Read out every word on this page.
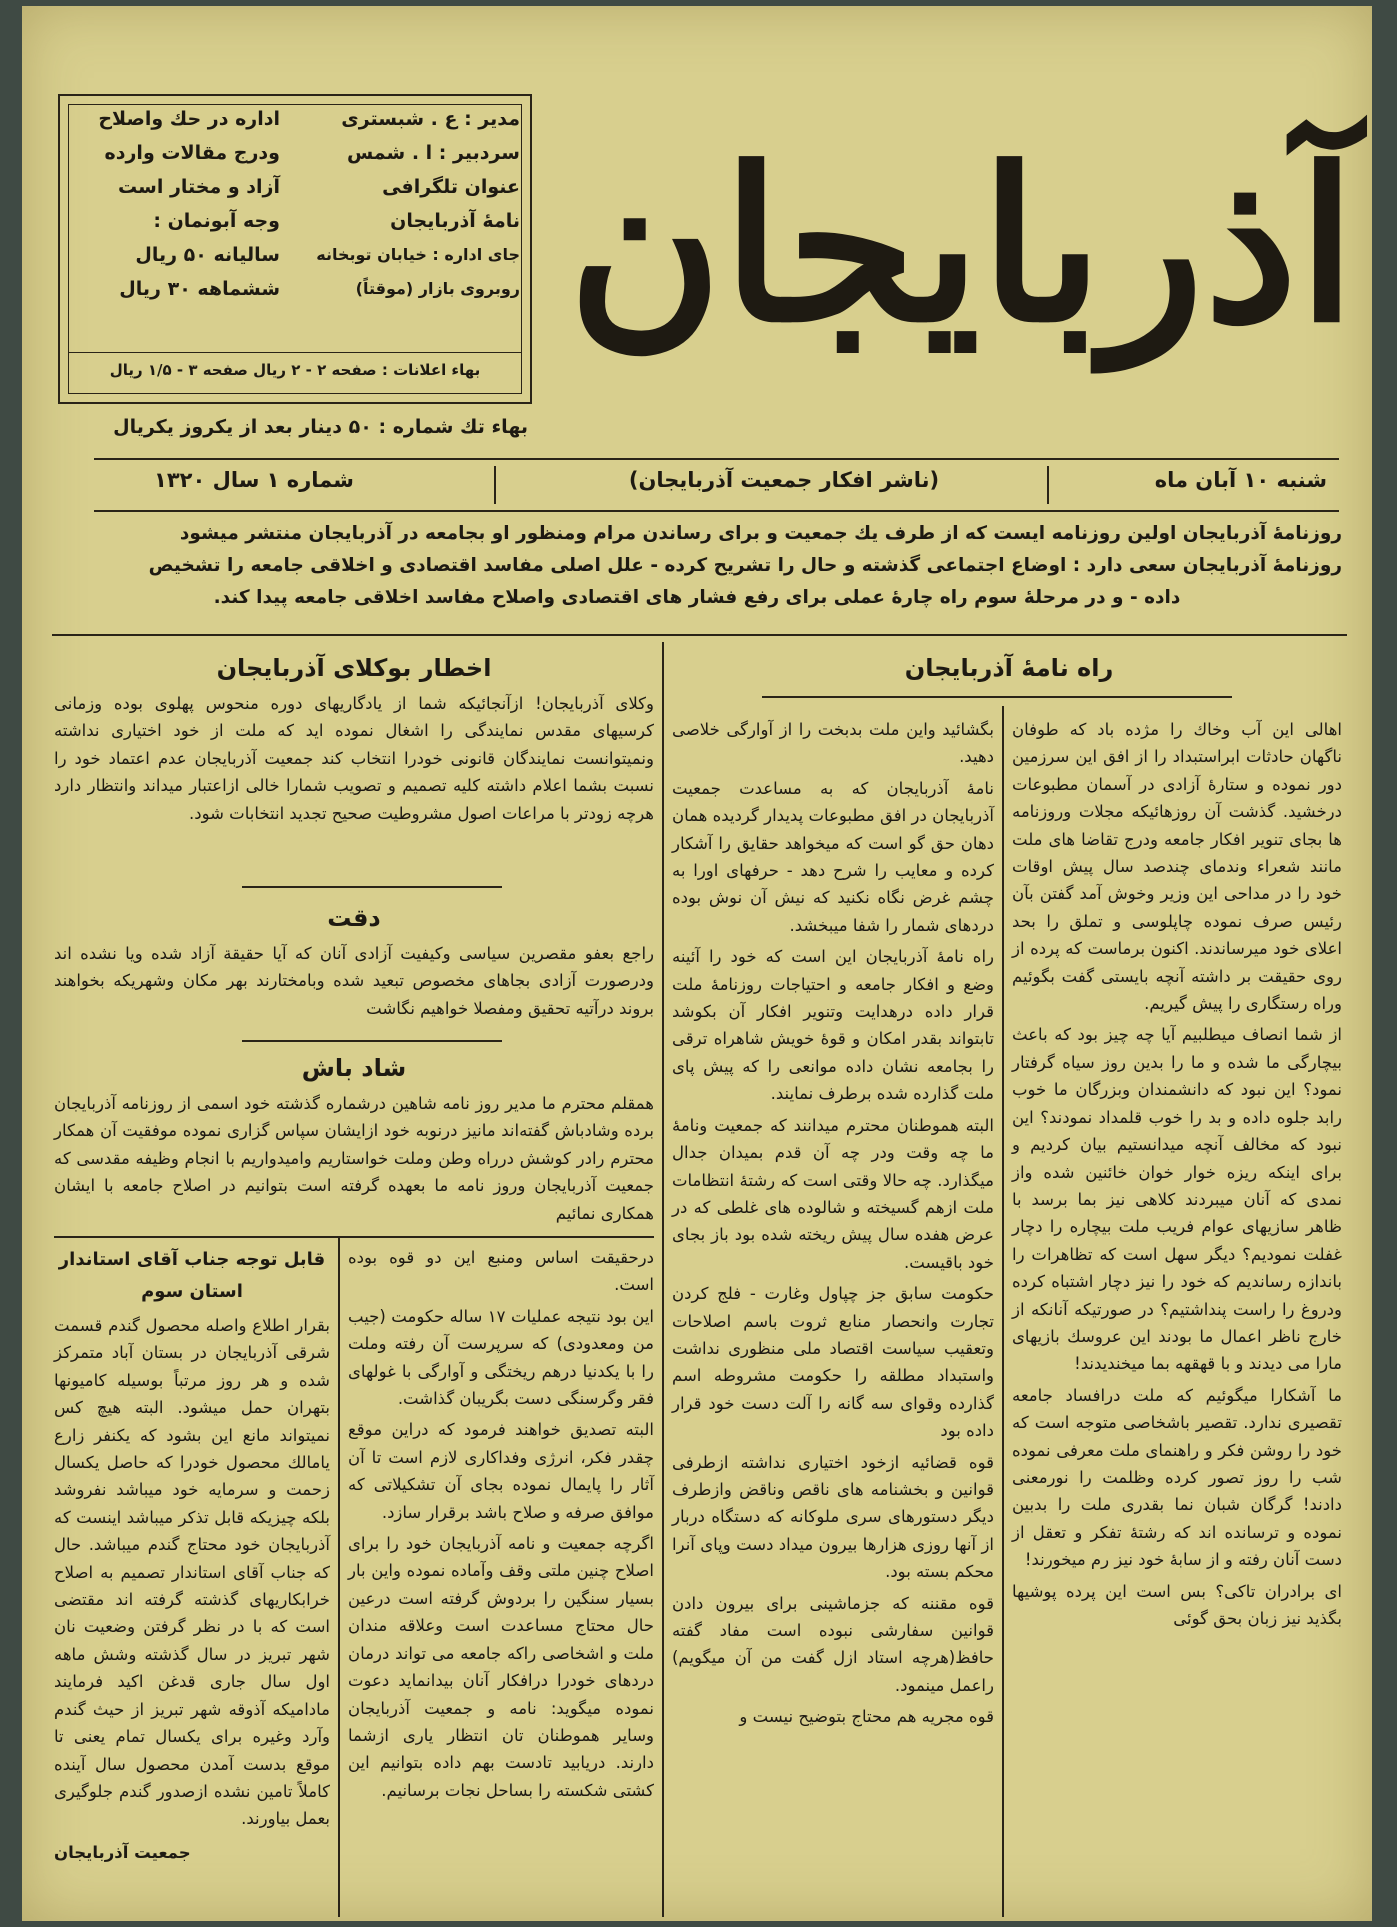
مدیر : ع . شبستری
سردبیر : ا . شمس
عنوان تلگرافی
نامهٔ آذربایجان
جای اداره : خیابان توبخانه
روبروی بازار (موقتاً)
اداره در حك واصلاح
ودرج مقالات وارده
آزاد و مختار است
وجه آبونمان :
سالیانه ۵۰ ریال
ششماهه ۳۰ ریال
بهاء اعلانات : صفحه ۲ - ۲ ریال صفحه ۳ - ۱/۵ ریال
بهاء تك شماره : ۵۰ دینار بعد از یکروز یکریال
آذربایجان
شنبه ۱۰ آبان ماه
(ناشر افکار جمعیت آذربایجان)
شماره ۱ سال ۱۳۲۰
روزنامهٔ آذربایجان اولین روزنامه ایست که از طرف یك جمعیت و برای رساندن مرام ومنظور او بجامعه در آذربایجان منتشر میشود
روزنامهٔ آذربایجان سعی دارد : اوضاع اجتماعی گذشته و حال را تشریح کرده - علل اصلی مفاسد اقتصادی و اخلاقی جامعه را تشخیص
داده - و در مرحلهٔ سوم راه چارهٔ عملی برای رفع فشار های اقتصادی واصلاح مفاسد اخلاقی جامعه پیدا کند.
راه نامهٔ آذربایجان

اهالی این آب وخاك را مژده باد که طوفان ناگهان حادثات ابراستبداد را از افق این سرزمین دور نموده و ستارهٔ آزادی در آسمان مطبوعات درخشید. گذشت آن روزهائیکه مجلات وروزنامه ها بجای تنویر افکار جامعه ودرج تقاضا های ملت مانند شعراء وندمای چندصد سال پیش اوقات خود را در مداحی این وزیر وخوش آمد گفتن بآن رئیس صرف نموده چاپلوسی و تملق را بحد اعلای خود میرساندند. اکنون برماست که پرده از روی حقیقت بر داشته آنچه بایستی گفت بگوئیم وراه رستگاری را پیش گیریم.

از شما انصاف میطلبیم آیا چه چیز بود که باعث بیچارگی ما شده و ما را بدین روز سیاه گرفتار نمود؟ این نبود که دانشمندان وبزرگان ما خوب رابد جلوه داده و بد را خوب قلمداد نمودند؟ این نبود که مخالف آنچه میدانستیم بیان کردیم و برای اینکه ریزه خوار خوان خائنین شده واز نمدی که آنان میبردند کلاهی نیز بما برسد با ظاهر سازیهای عوام فریب ملت بیچاره را دچار غفلت نمودیم؟ دیگر سهل است که تظاهرات را باندازه رساندیم که خود را نیز دچار اشتباه کرده ودروغ را راست پنداشتیم؟ در صورتیکه آنانکه از خارج ناظر اعمال ما بودند این عروسك بازیهای مارا می دیدند و با قهقهه بما میخندیدند!

ما آشکارا میگوئیم که ملت درافساد جامعه تقصیری ندارد. تقصیر باشخاصی متوجه است که خود را روشن فکر و راهنمای ملت معرفی نموده شب را روز تصور کرده وظلمت را نورمعنی دادند! گرگان شبان نما بقدری ملت را بدبین نموده و ترسانده اند که رشتهٔ تفکر و تعقل از دست آنان رفته و از سابهٔ خود نیز رم میخورند!

ای برادران تاکی؟ بس است این پرده پوشیها بگذید نیز زبان بحق گوئی

بگشائید واین ملت بدبخت را از آوارگی خلاصی دهید.

نامهٔ آذربایجان که به مساعدت جمعیت آذربایجان در افق مطبوعات پدیدار گردیده همان دهان حق گو است که میخواهد حقایق را آشکار کرده و معایب را شرح دهد - حرفهای اورا به چشم غرض نگاه نکنید که نیش آن نوش بوده دردهای شمار را شفا میبخشد.

راه نامهٔ آذربایجان این است که خود را آئینه وضع و افکار جامعه و احتیاجات روزنامهٔ ملت قرار داده درهدایت وتنویر افکار آن بکوشد تابتواند بقدر امکان و قوهٔ خویش شاهراه ترقی را بجامعه نشان داده موانعی را که پیش پای ملت گذارده شده برطرف نمایند.

البته هموطنان محترم میدانند که جمعیت ونامهٔ ما چه وقت ودر چه آن قدم بمیدان جدال میگذارد. چه حالا وقتی است که رشتهٔ انتظامات ملت ازهم گسیخته و شالوده های غلطی که در عرض هفده سال پیش ریخته شده بود باز بجای خود باقیست.

حکومت سابق جز چپاول وغارت - فلج کردن تجارت وانحصار منابع ثروت باسم اصلاحات وتعقیب سیاست اقتصاد ملی منظوری نداشت واستبداد مطلقه را حکومت مشروطه اسم گذارده وقوای سه گانه را آلت دست خود قرار داده بود

قوه قضائیه ازخود اختیاری نداشته ازطرفی قوانین و بخشنامه های ناقص وناقض وازطرف دیگر دستورهای سری ملوکانه که دستگاه دربار از آنها روزی هزارها بیرون میداد دست وپای آنرا محکم بسته بود.

قوه مقننه که جزماشینی برای بیرون دادن قوانین سفارشی نبوده است مفاد گفته حافظ(هرچه استاد ازل گفت من آن میگویم) راعمل مینمود.

قوه مجریه هم محتاج بتوضیح نیست و

اخطار بوکلای آذربایجان

وکلای آذربایجان! ازآنجائیکه شما از یادگاریهای دوره منحوس پهلوی بوده وزمانی کرسیهای مقدس نمایندگی را اشغال نموده اید که ملت از خود اختیاری نداشته ونمیتوانست نمایندگان قانونی خودرا انتخاب کند جمعیت آذربایجان عدم اعتماد خود را نسبت بشما اعلام داشته کلیه تصمیم و تصویب شمارا خالی ازاعتبار میداند وانتظار دارد هرچه زودتر با مراعات اصول مشروطیت صحیح تجدید انتخابات شود.

دقت

راجع بعفو مقصرین سیاسی وکیفیت آزادی آنان که آیا حقیقة آزاد شده ویا نشده اند ودرصورت آزادی بجاهای مخصوص تبعید شده وبامختارند بهر مکان وشهریکه بخواهند بروند درآتیه تحقیق ومفصلا خواهیم نگاشت

شاد باش

همقلم محترم ما مدیر روز نامه شاهین درشماره گذشته خود اسمی از روزنامه آذربایجان برده وشادباش گفته‌اند مانیز درنوبه خود ازایشان سپاس گزاری نموده موفقیت آن همکار محترم رادر کوشش درراه وطن وملت خواستاریم وامیدواریم با انجام وظیفه مقدسی که جمعیت آذربایجان وروز نامه ما بعهده گرفته است بتوانیم در اصلاح جامعه با ایشان همکاری نمائیم

درحقیقت اساس ومنبع این دو قوه بوده است.

این بود نتیجه عملیات ۱۷ ساله حکومت (جیب من ومعدودی) که سرپرست آن رفته وملت را با یکدنیا درهم ریختگی و آوارگی با غولهای فقر وگرسنگی دست بگریبان گذاشت.

البته تصدیق خواهند فرمود که دراین موقع چقدر فکر، انرژی وفداکاری لازم است تا آن آثار را پایمال نموده بجای آن تشکیلاتی که موافق صرفه و صلاح باشد برقرار سازد.

اگرچه جمعیت و نامه آذربایجان خود را برای اصلاح چنین ملتی وقف وآماده نموده واین بار بسیار سنگین را بردوش گرفته است درعین حال محتاج مساعدت است وعلاقه مندان ملت و اشخاصی راکه جامعه می تواند درمان دردهای خودرا درافکار آنان بیدانماید دعوت نموده میگوید: نامه و جمعیت آذربایجان وسایر هموطنان تان انتظار یاری ازشما دارند. دریابید تادست بهم داده بتوانیم این کشتی شکسته را بساحل نجات برسانیم.

قابل توجه جناب آقای استاندار
استان سوم

بقرار اطلاع واصله محصول گندم قسمت شرقی آذربایجان در بستان آباد متمرکز شده و هر روز مرتباً بوسیله کامیونها بتهران حمل میشود. البته هیچ کس نمیتواند مانع این بشود که یکنفر زارع یامالك محصول خودرا که حاصل یکسال زحمت و سرمایه خود میباشد نفروشد بلکه چیزیکه قابل تذکر میباشد اینست که آذربایجان خود محتاج گندم میباشد. حال که جناب آقای استاندار تصمیم به اصلاح خرابکاریهای گذشته گرفته اند مقتضی است که با در نظر گرفتن وضعیت نان شهر تبریز در سال گذشته وشش ماهه اول سال جاری قدغن اکید فرمایند مادامیکه آذوقه شهر تبریز از حیث گندم وآرد وغیره برای یکسال تمام یعنی تا موقع بدست آمدن محصول سال آینده کاملاً تامین نشده ازصدور گندم جلوگیری بعمل بیاورند.

جمعیت آذربایجان
